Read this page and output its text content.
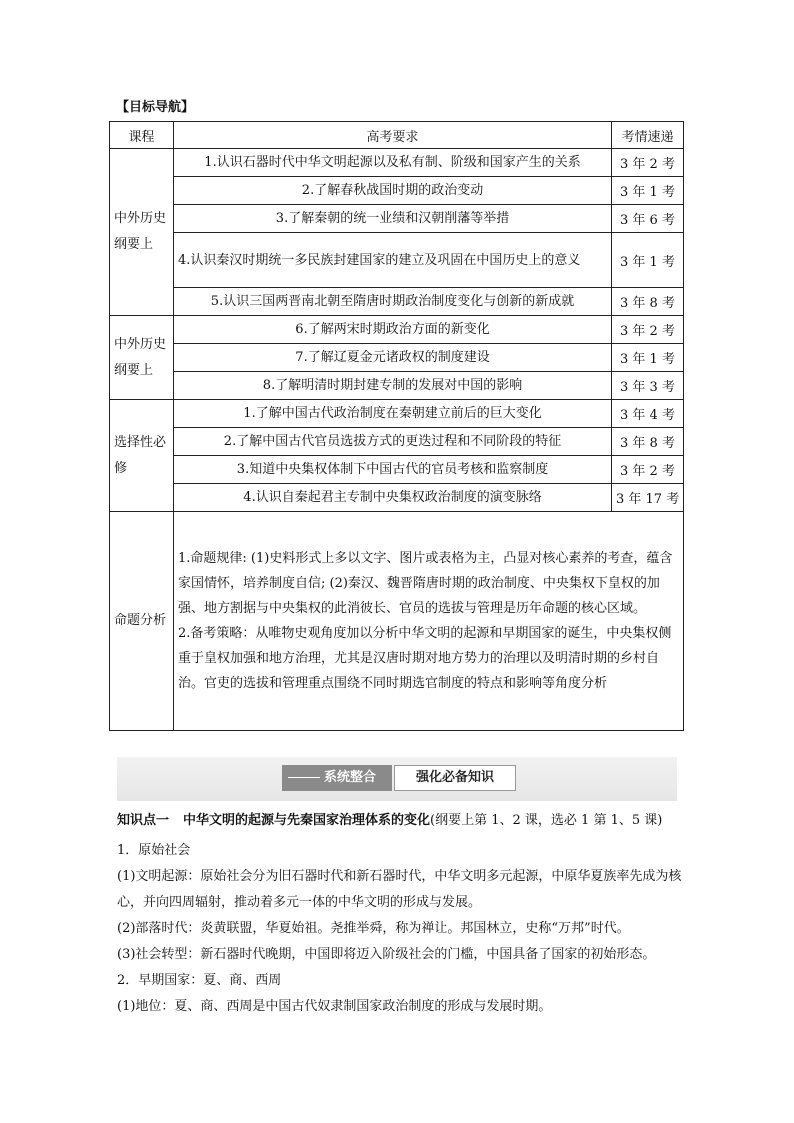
【目标导航】
课程	高考要求	考情速递
中外历史纲要上	1.认识石器时代中华文明起源以及私有制、阶级和国家产生的关系	3 年 2 考
	2.了解春秋战国时期的政治变动	3 年 1 考
	3.了解秦朝的统一业绩和汉朝削藩等举措	3 年 6 考
	4.认识秦汉时期统一多民族封建国家的建立及巩固在中国历史上的意义	3 年 1 考
	5.认识三国两晋南北朝至隋唐时期政治制度变化与创新的新成就	3 年 8 考
中外历史纲要上	6.了解两宋时期政治方面的新变化	3 年 2 考
	7.了解辽夏金元诸政权的制度建设	3 年 1 考
	8.了解明清时期封建专制的发展对中国的影响	3 年 3 考
选择性必修	1.了解中国古代政治制度在秦朝建立前后的巨大变化	3 年 4 考
	2.了解中国古代官员选拔方式的更迭过程和不同阶段的特征	3 年 8 考
	3.知道中央集权体制下中国古代的官员考核和监察制度	3 年 2 考
	4.认识自秦起君主专制中央集权政治制度的演变脉络	3 年 17 考
命题分析	1.命题规律: (1)史料形式上多以文字、图片或表格为主，凸显对核心素养的考查，蕴含家国情怀，培养制度自信; (2)秦汉、魏晋隋唐时期的政治制度、中央集权下皇权的加强、地方割据与中央集权的此消彼长、官员的选拔与管理是历年命题的核心区域。

2.备考策略：从唯物史观角度加以分析中华文明的起源和早期国家的诞生，中央集权侧重于皇权加强和地方治理，尤其是汉唐时期对地方势力的治理以及明清时期的乡村自治。官吏的选拔和管理重点围绕不同时期选官制度的特点和影响等角度分析	

系统整合	强化必备知识
知识点一 中华文明的起源与先秦国家治理体系的变化(纲要上第 1、2 课，选必 1 第 1、5 课)

1．原始社会

(1)文明起源：原始社会分为旧石器时代和新石器时代，中华文明多元起源，中原华夏族率先成为核心，并向四周辐射，推动着多元一体的中华文明的形成与发展。

(2)部落时代：炎黄联盟，华夏始祖。尧推举舜，称为禅让。邦国林立，史称“万邦”时代。

(3)社会转型：新石器时代晚期，中国即将迈入阶级社会的门槛，中国具备了国家的初始形态。

2．早期国家：夏、商、西周

(1)地位：夏、商、西周是中国古代奴隶制国家政治制度的形成与发展时期。
